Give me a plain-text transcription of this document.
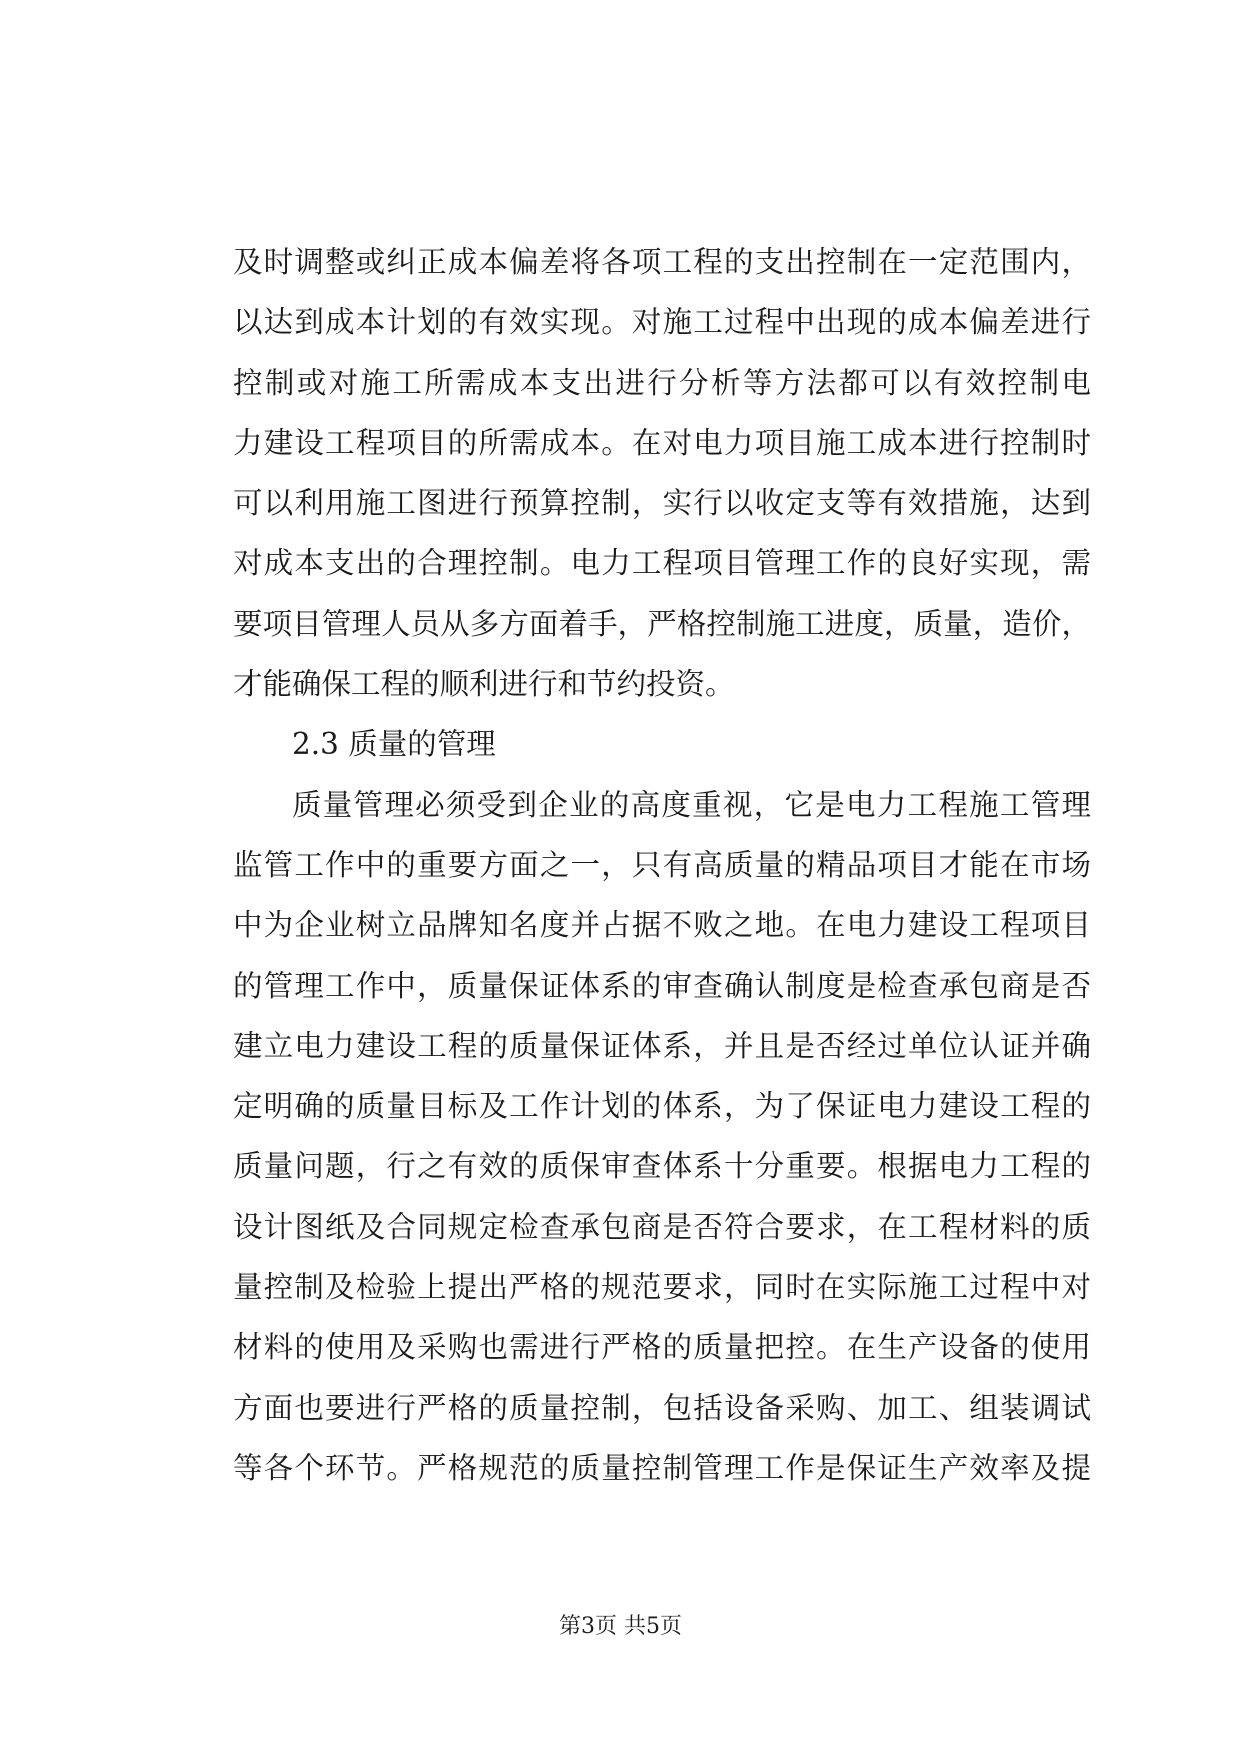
及时调整或纠正成本偏差将各项工程的支出控制在一定范围内，
以达到成本计划的有效实现。对施工过程中出现的成本偏差进行
控制或对施工所需成本支出进行分析等方法都可以有效控制电
力建设工程项目的所需成本。在对电力项目施工成本进行控制时
可以利用施工图进行预算控制，实行以收定支等有效措施，达到
对成本支出的合理控制。电力工程项目管理工作的良好实现，需
要项目管理人员从多方面着手，严格控制施工进度，质量，造价，
才能确保工程的顺利进行和节约投资。
2.3 质量的管理
质量管理必须受到企业的高度重视，它是电力工程施工管理
监管工作中的重要方面之一，只有高质量的精品项目才能在市场
中为企业树立品牌知名度并占据不败之地。在电力建设工程项目
的管理工作中，质量保证体系的审查确认制度是检查承包商是否
建立电力建设工程的质量保证体系，并且是否经过单位认证并确
定明确的质量目标及工作计划的体系，为了保证电力建设工程的
质量问题，行之有效的质保审查体系十分重要。根据电力工程的
设计图纸及合同规定检查承包商是否符合要求，在工程材料的质
量控制及检验上提出严格的规范要求，同时在实际施工过程中对
材料的使用及采购也需进行严格的质量把控。在生产设备的使用
方面也要进行严格的质量控制，包括设备采购、加工、组装调试
等各个环节。严格规范的质量控制管理工作是保证生产效率及提
第3页 共5页
